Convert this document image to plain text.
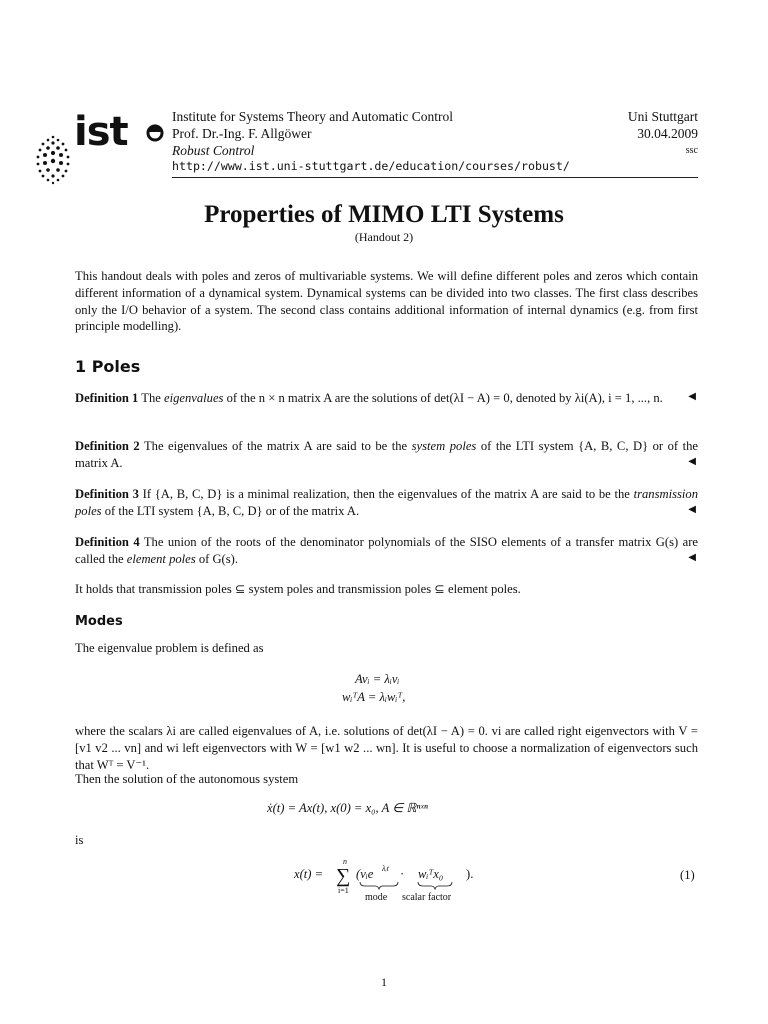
ist	Institute for Systems Theory and Automatic Control	Uni Stuttgart
Prof. Dr.-Ing. F. Allgöwer	30.04.2009
Robust Control	ssc
http://www.ist.uni-stuttgart.de/education/courses/robust/
Properties of MIMO LTI Systems
(Handout 2)

This handout deals with poles and zeros of multivariable systems. We will define different poles and zeros which contain different information of a dynamical system. Dynamical systems can be divided into two classes. The first class describes only the I/O behavior of a system. The second class contains additional information of internal dynamics (e.g. from first principle modelling).

1 Poles
Definition 1 The eigenvalues of the n × n matrix A are the solutions of det(λI − A) = 0, denoted by λi(A), i = 1, ..., n.	◀
Definition 2 The eigenvalues of the matrix A are said to be the system poles of the LTI system {A, B, C, D} or of the matrix A.	◀
Definition 3 If {A, B, C, D} is a minimal realization, then the eigenvalues of the matrix A are said to be the transmission poles of the LTI system {A, B, C, D} or of the matrix A.	◀
Definition 4 The union of the roots of the denominator polynomials of the SISO elements of a transfer matrix G(s) are called the element poles of G(s).	◀
It holds that transmission poles ⊆ system poles and transmission poles ⊆ element poles.
Modes
The eigenvalue problem is defined as
Avᵢ = λᵢvᵢ
wᵢᵀA = λᵢwᵢᵀ,

where the scalars λi are called eigenvalues of A, i.e. solutions of det(λI − A) = 0. vi are called right eigenvectors with V = [v1 v2 ... vn] and wi left eigenvectors with W = [w1 w2 ... wn]. It is useful to choose a normalization of eigenvectors such that Wᵀ = V⁻¹.

Then the solution of the autonomous system
ẋ(t) = Ax(t), x(0) = x₀, A ∈ ℝⁿˣⁿ
is
x(t) =
n
∑
i=1
(vᵢe λᵢt · wᵢᵀx₀ ).
mode scalar factor
(1)
1
